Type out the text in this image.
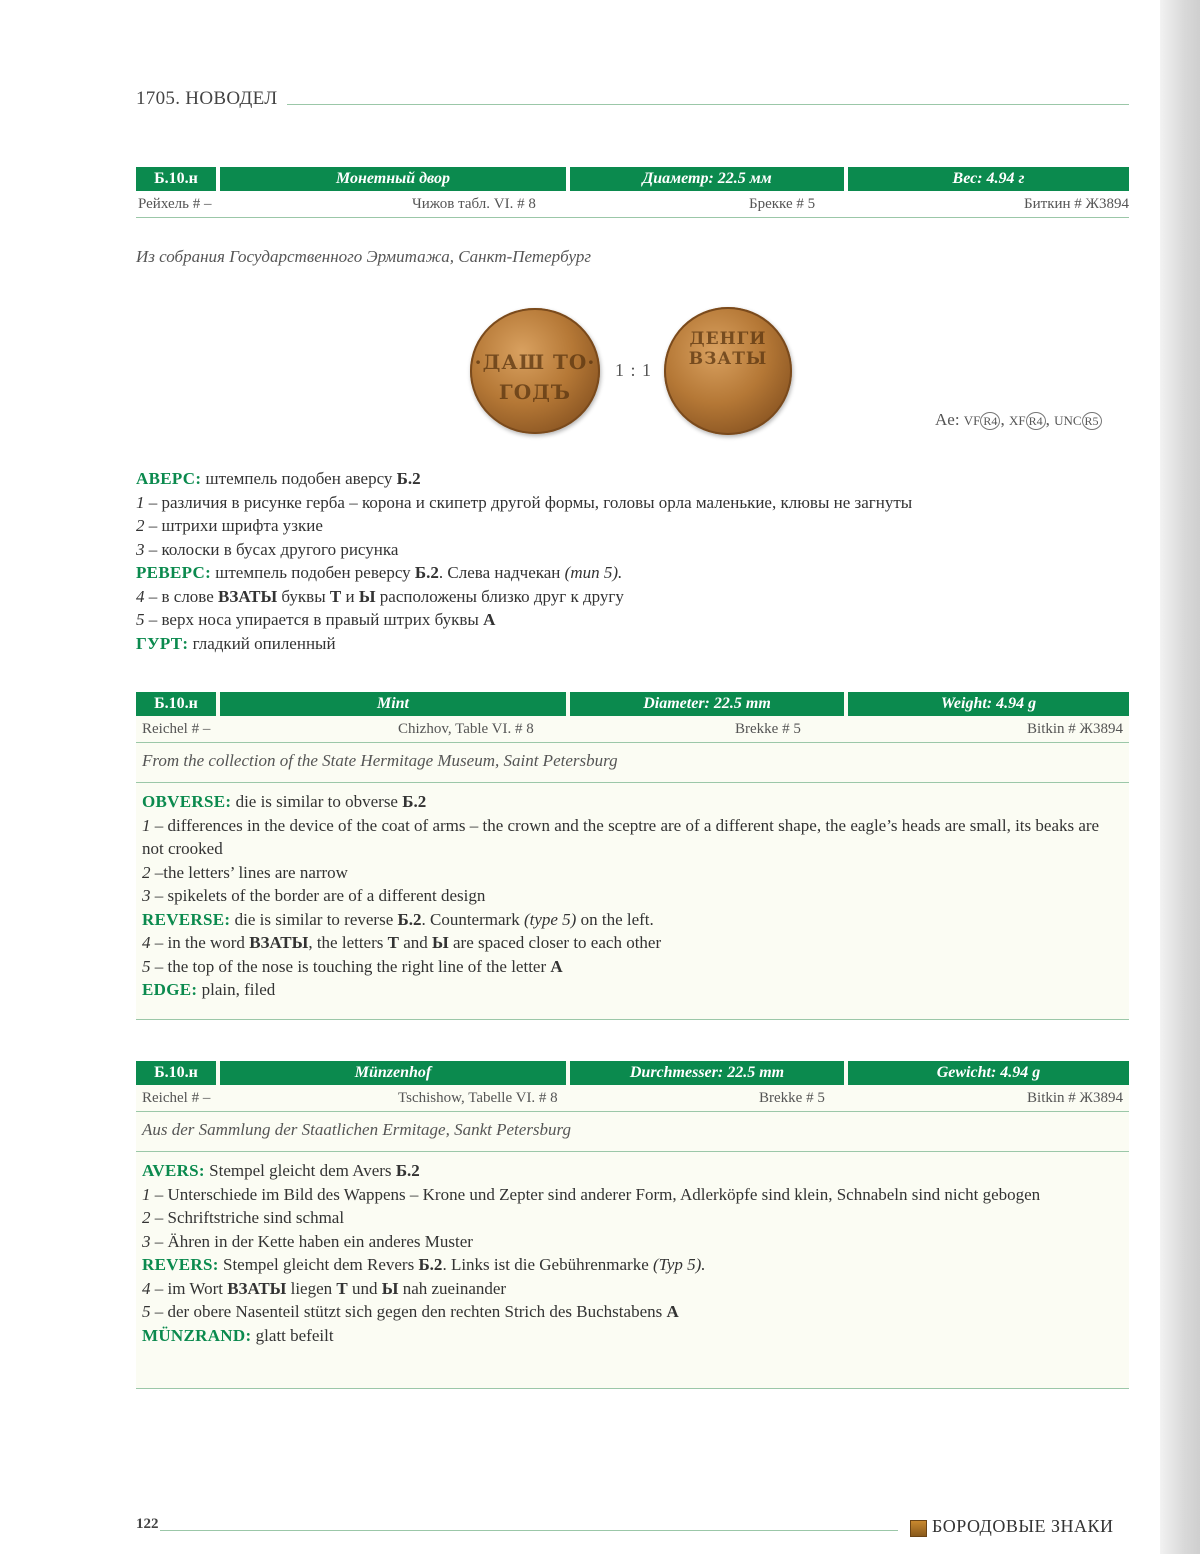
1705. НОВОДЕЛ
Б.10.н	Монетный двор	Диаметр: 22.5 мм	Вес: 4.94 г
Рейхель # –	Чижов табл. VI. # 8	Брекке # 5	Биткин # Ж3894
Из собрания Государственного Эрмитажа, Санкт-Петербург
·ДАШ ТО·
ГОДЪ
1 : 1
ДЕНГИ
ВЗАТЫ
Ae: VF R4 , XF R4 , UNC R5

АВЕРС: штемпель подобен аверсу Б.2

1 – различия в рисунке герба – корона и скипетр другой формы, головы орла маленькие, клювы не загнуты

2 – штрихи шрифта узкие

3 – колоски в бусах другого рисунка

РЕВЕРС: штемпель подобен реверсу Б.2. Слева надчекан (тип 5).

4 – в слове ВЗАТЫ буквы Т и Ы расположены близко друг к другу

5 – верх носа упирается в правый штрих буквы А

ГУРТ: гладкий опиленный

Б.10.н	Mint	Diameter: 22.5 mm	Weight: 4.94 g
Reichel # –	Chizhov, Table VI. # 8	Brekke # 5	Bitkin # Ж3894
From the collection of the State Hermitage Museum, Saint Petersburg

OBVERSE: die is similar to obverse Б.2

1 – differences in the device of the coat of arms – the crown and the sceptre are of a different shape, the eagle’s heads are small, its beaks are not crooked

2 –the letters’ lines are narrow

3 – spikelets of the border are of a different design

REVERSE: die is similar to reverse Б.2. Countermark (type 5) on the left.

4 – in the word ВЗАТЫ, the letters Т and Ы are spaced closer to each other

5 – the top of the nose is touching the right line of the letter А

EDGE: plain, filed

Б.10.н	Münzenhof	Durchmesser: 22.5 mm	Gewicht: 4.94 g
Reichel # –	Tschishow, Tabelle VI. # 8	Brekke # 5	Bitkin # Ж3894
Aus der Sammlung der Staatlichen Ermitage, Sankt Petersburg

AVERS: Stempel gleicht dem Avers Б.2

1 – Unterschiede im Bild des Wappens – Krone und Zepter sind anderer Form, Adlerköpfe sind klein, Schnabeln sind nicht gebogen

2 – Schriftstriche sind schmal

3 – Ähren in der Kette haben ein anderes Muster

REVERS: Stempel gleicht dem Revers Б.2. Links ist die Gebührenmarke (Typ 5).

4 – im Wort ВЗАТЫ liegen Т und Ы nah zueinander

5 – der obere Nasenteil stützt sich gegen den rechten Strich des Buchstabens А

MÜNZRAND: glatt befeilt

122	БОРОДОВЫЕ ЗНАКИ
